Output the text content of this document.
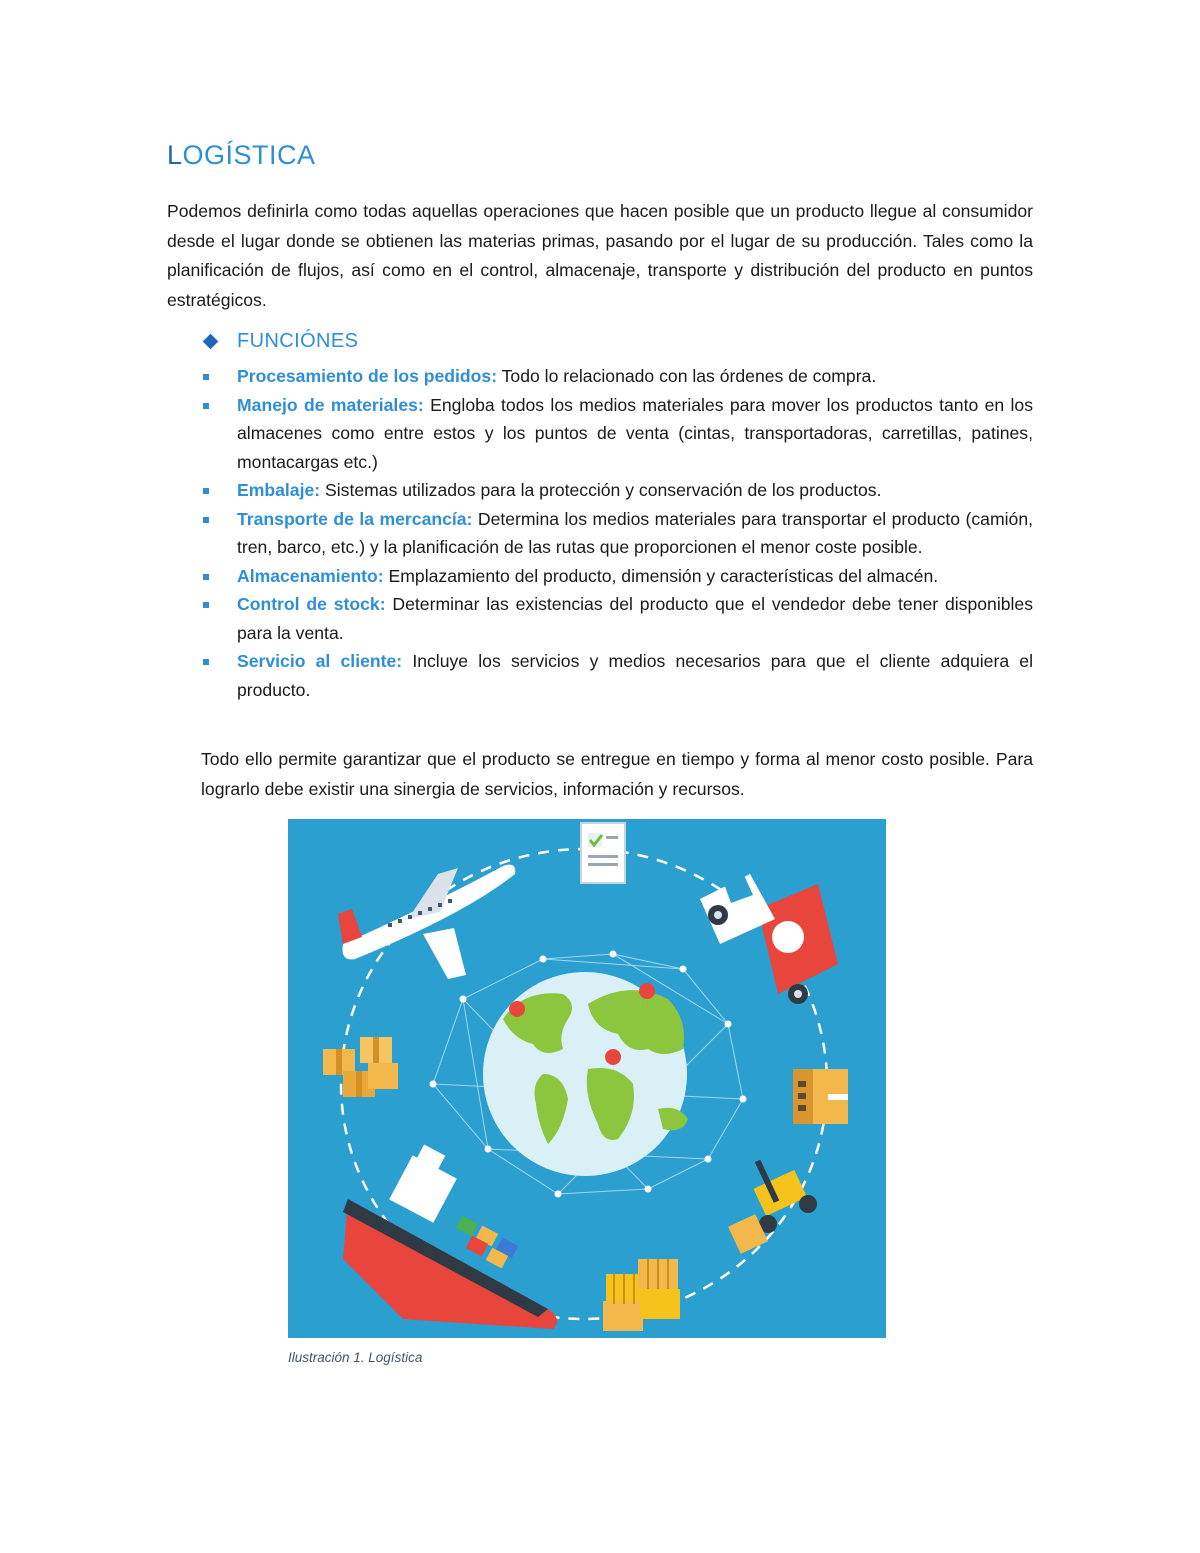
LOGÍSTICA

Podemos definirla como todas aquellas operaciones que hacen posible que un producto llegue al consumidor desde el lugar donde se obtienen las materias primas, pasando por el lugar de su producción. Tales como la planificación de flujos, así como en el control, almacenaje, transporte y distribución del producto en puntos estratégicos.

FUNCIÓNES
Procesamiento de los pedidos: Todo lo relacionado con las órdenes de compra.
Manejo de materiales: Engloba todos los medios materiales para mover los productos tanto en los almacenes como entre estos y los puntos de venta (cintas, transportadoras, carretillas, patines, montacargas etc.)
Embalaje: Sistemas utilizados para la protección y conservación de los productos.
Transporte de la mercancía: Determina los medios materiales para transportar el producto (camión, tren, barco, etc.) y la planificación de las rutas que proporcionen el menor coste posible.
Almacenamiento: Emplazamiento del producto, dimensión y características del almacén.
Control de stock: Determinar las existencias del producto que el vendedor debe tener disponibles para la venta.
Servicio al cliente: Incluye los servicios y medios necesarios para que el cliente adquiera el producto.

Todo ello permite garantizar que el producto se entregue en tiempo y forma al menor costo posible. Para lograrlo debe existir una sinergia de servicios, información y recursos.

Ilustración 1. Logística
